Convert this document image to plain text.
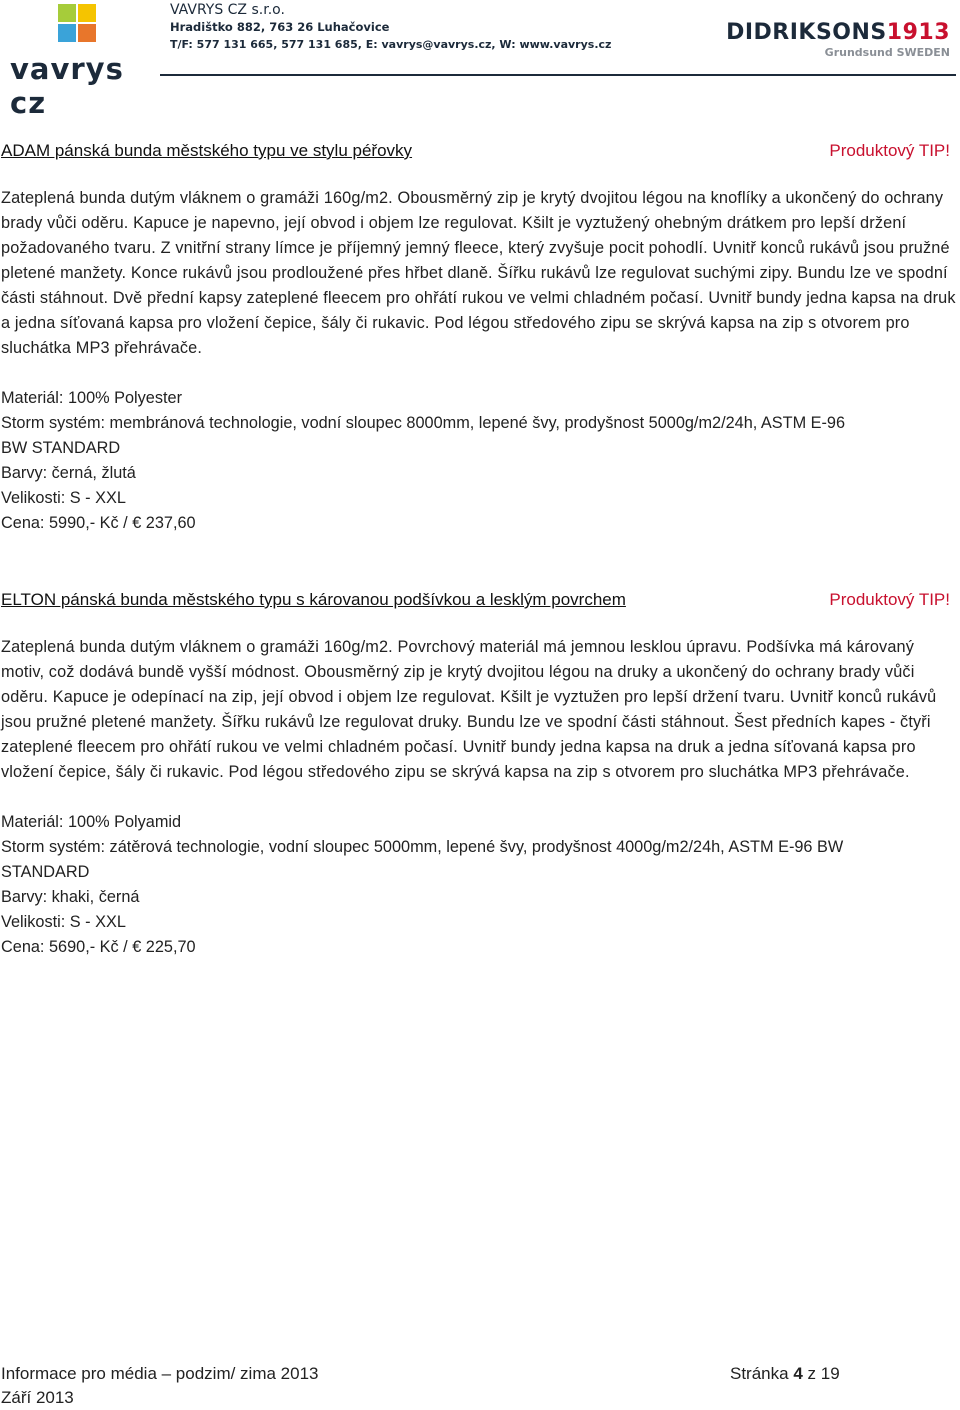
vavrys cz
VAVRYS CZ s.r.o.
Hradištko 882, 763 26 Luhačovice
T/F: 577 131 665, 577 131 685, E: vavrys@vavrys.cz, W: www.vavrys.cz	DIDRIKSONS1913
Grundsund SWEDEN
ADAM pánská bunda městského typu ve stylu péřovky	Produktový TIP!
Zateplená bunda dutým vláknem o gramáži 160g/m2. Obousměrný zip je krytý dvojitou légou na knoflíky a ukončený do ochrany brady vůči oděru. Kapuce je napevno, její obvod i objem lze regulovat. Kšilt je vyztužený ohebným drátkem pro lepší držení požadovaného tvaru. Z vnitřní strany límce je příjemný jemný fleece, který zvyšuje pocit pohodlí. Uvnitř konců rukávů jsou pružné pletené manžety. Konce rukávů jsou prodloužené přes hřbet dlaně. Šířku rukávů lze regulovat suchými zipy. Bundu lze ve spodní části stáhnout. Dvě přední kapsy zateplené fleecem pro ohřátí rukou ve velmi chladném počasí. Uvnitř bundy jedna kapsa na druk a jedna síťovaná kapsa pro vložení čepice, šály či rukavic. Pod légou středového zipu se skrývá kapsa na zip s otvorem pro sluchátka MP3 přehrávače.
Materiál: 100% Polyester
Storm systém: membránová technologie, vodní sloupec 8000mm, lepené švy, prodyšnost 5000g/m2/24h, ASTM E-96
BW STANDARD
Barvy: černá, žlutá
Velikosti: S - XXL
Cena: 5990,- Kč / € 237,60
ELTON pánská bunda městského typu s károvanou podšívkou a lesklým povrchem	Produktový TIP!
Zateplená bunda dutým vláknem o gramáži 160g/m2. Povrchový materiál má jemnou lesklou úpravu. Podšívka má károvaný motiv, což dodává bundě vyšší módnost. Obousměrný zip je krytý dvojitou légou na druky a ukončený do ochrany brady vůči oděru. Kapuce je odepínací na zip, její obvod i objem lze regulovat. Kšilt je vyztužen pro lepší držení tvaru. Uvnitř konců rukávů jsou pružné pletené manžety. Šířku rukávů lze regulovat druky. Bundu lze ve spodní části stáhnout. Šest předních kapes - čtyři zateplené fleecem pro ohřátí rukou ve velmi chladném počasí. Uvnitř bundy jedna kapsa na druk a jedna síťovaná kapsa pro vložení čepice, šály či rukavic. Pod légou středového zipu se skrývá kapsa na zip s otvorem pro sluchátka MP3 přehrávače.
Materiál: 100% Polyamid
Storm systém: zátěrová technologie, vodní sloupec 5000mm, lepené švy, prodyšnost 4000g/m2/24h, ASTM E-96 BW
STANDARD
Barvy: khaki, černá
Velikosti: S - XXL
Cena: 5690,- Kč / € 225,70
Informace pro média – podzim/ zima 2013	Stránka 4 z 19
Září 2013
